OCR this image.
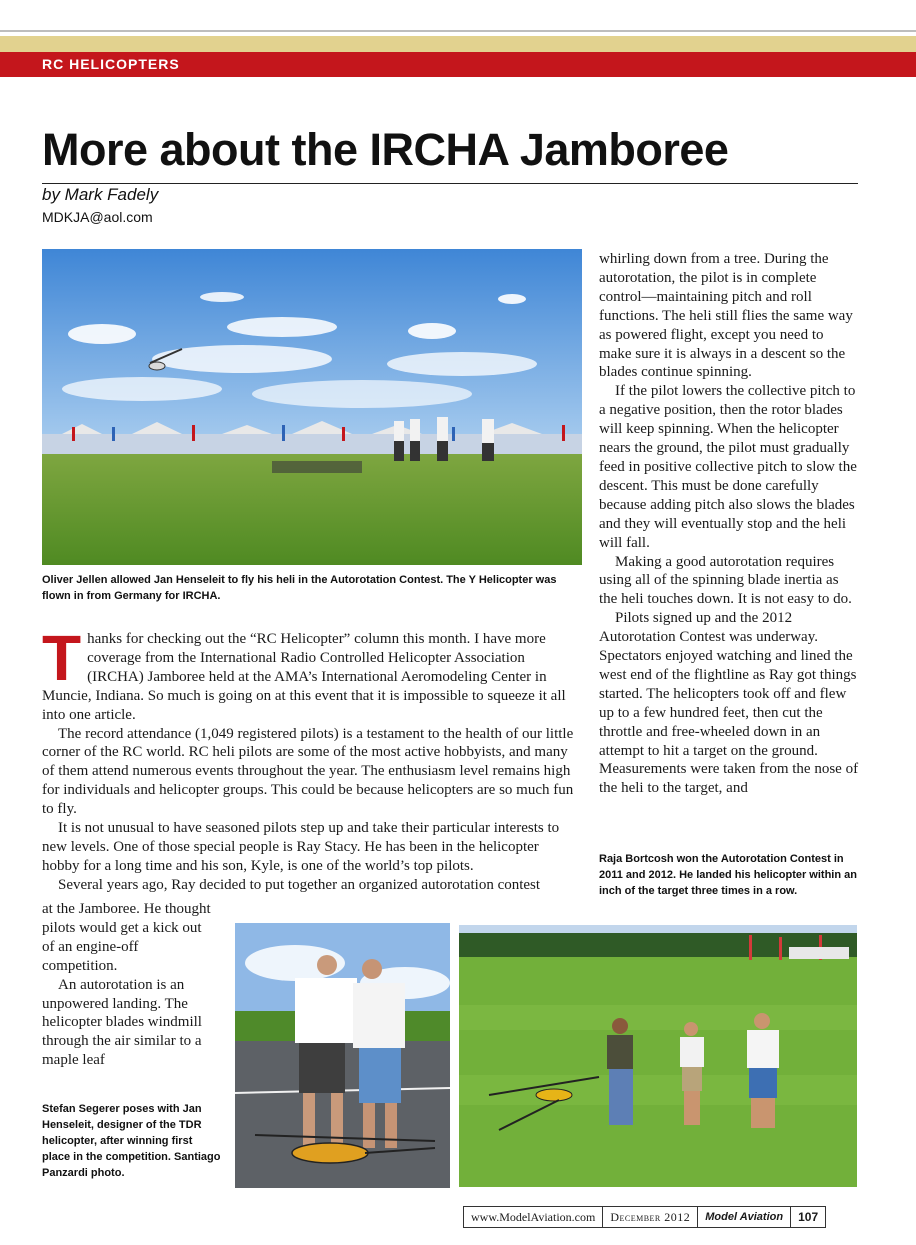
RC HELICOPTERS
More about the IRCHA Jamboree
by Mark Fadely
MDKJA@aol.com
Oliver Jellen allowed Jan Henseleit to fly his heli in the Autorotation Contest. The Y Helicopter was flown in from Germany for IRCHA.

Thanks for checking out the “RC Helicopter” column this month. I have more coverage from the International Radio Controlled Helicopter Association (IRCHA) Jamboree held at the AMA’s International Aeromodeling Center in Muncie, Indiana. So much is going on at this event that it is impossible to squeeze it all into one article.

The record attendance (1,049 registered pilots) is a testament to the health of our little corner of the RC world. RC heli pilots are some of the most active hobbyists, and many of them attend numerous events throughout the year. The enthusiasm level remains high for individuals and helicopter groups. This could be because helicopters are so much fun to fly.

It is not unusual to have seasoned pilots step up and take their particular interests to new levels. One of those special people is Ray Stacy. He has been in the helicopter hobby for a long time and his son, Kyle, is one of the world’s top pilots.

Several years ago, Ray decided to put together an organized autorotation contest

at the Jamboree. He thought pilots would get a kick out of an engine-off competition.

An autorotation is an unpowered landing. The helicopter blades windmill through the air similar to a maple leaf

whirling down from a tree. During the autorotation, the pilot is in complete control—maintaining pitch and roll functions. The heli still flies the same way as powered flight, except you need to make sure it is always in a descent so the blades continue spinning.

If the pilot lowers the collective pitch to a negative position, then the rotor blades will keep spinning. When the helicopter nears the ground, the pilot must gradually feed in positive collective pitch to slow the descent. This must be done carefully because adding pitch also slows the blades and they will eventually stop and the heli will fall.

Making a good autorotation requires using all of the spinning blade inertia as the heli touches down. It is not easy to do.

Pilots signed up and the 2012 Autorotation Contest was underway. Spectators enjoyed watching and lined the west end of the flightline as Ray got things started. The helicopters took off and flew up to a few hundred feet, then cut the throttle and free-wheeled down in an attempt to hit a target on the ground. Measurements were taken from the nose of the heli to the target, and

Raja Bortcosh won the Autorotation Contest in 2011 and 2012. He landed his helicopter within an inch of the target three times in a row.
Stefan Segerer poses with Jan Henseleit, designer of the TDR helicopter, after winning first place in the competition. Santiago Panzardi photo.
www.ModelAviation.com	December 2012	Model Aviation	107
